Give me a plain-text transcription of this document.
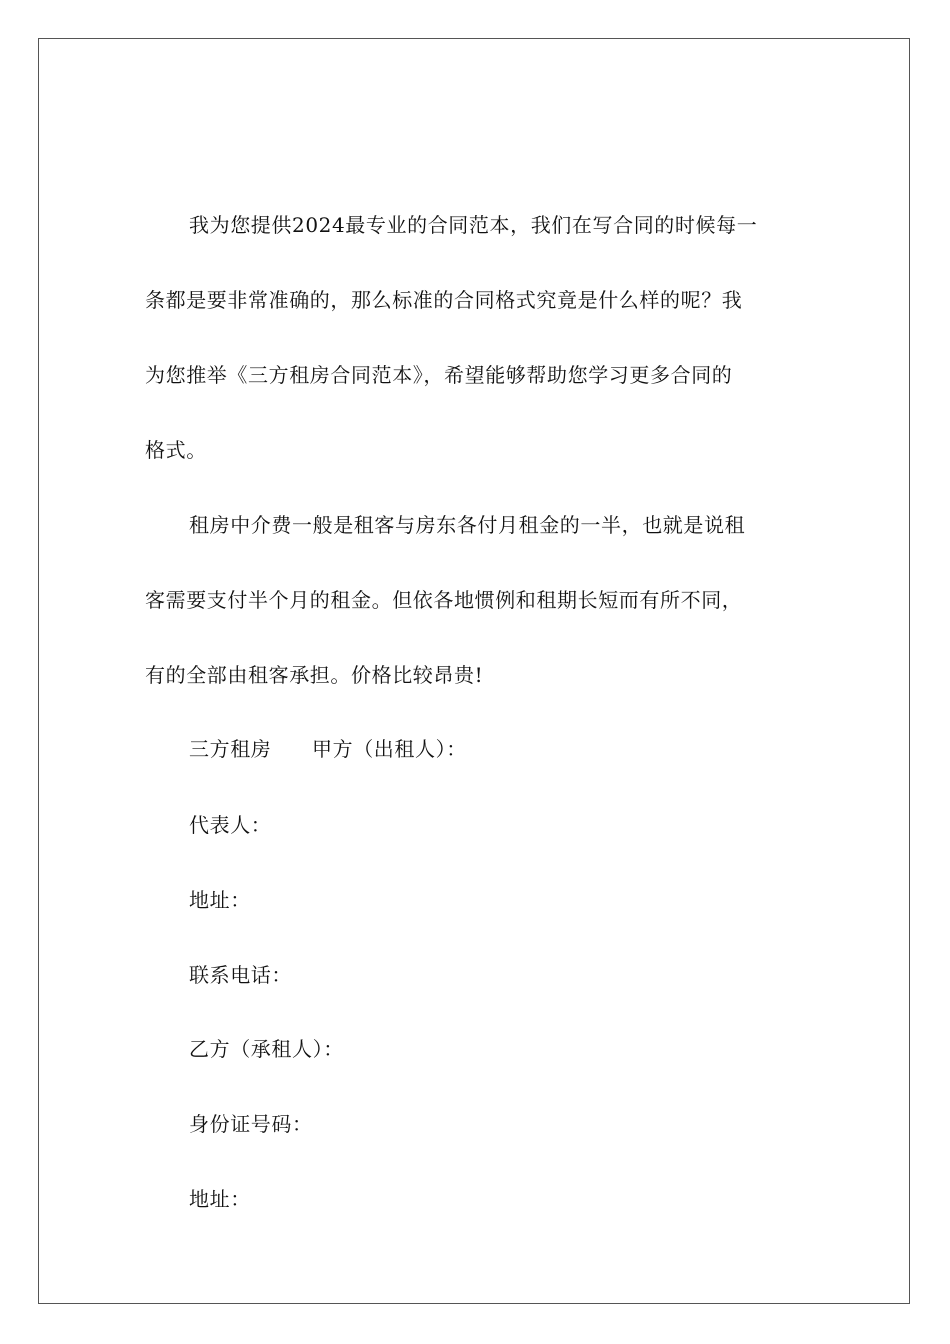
我为您提供2024最专业的合同范本，我们在写合同的时候每一
条都是要非常准确的，那么标准的合同格式究竟是什么样的呢？我
为您推举《三方租房合同范本》，希望能够帮助您学习更多合同的
格式。
租房中介费一般是租客与房东各付月租金的一半，也就是说租
客需要支付半个月的租金。但依各地惯例和租期长短而有所不同，
有的全部由租客承担。价格比较昂贵!
三方租房 甲方（出租人）：
代表人：
地址：
联系电话：
乙方（承租人）：
身份证号码：
地址：
